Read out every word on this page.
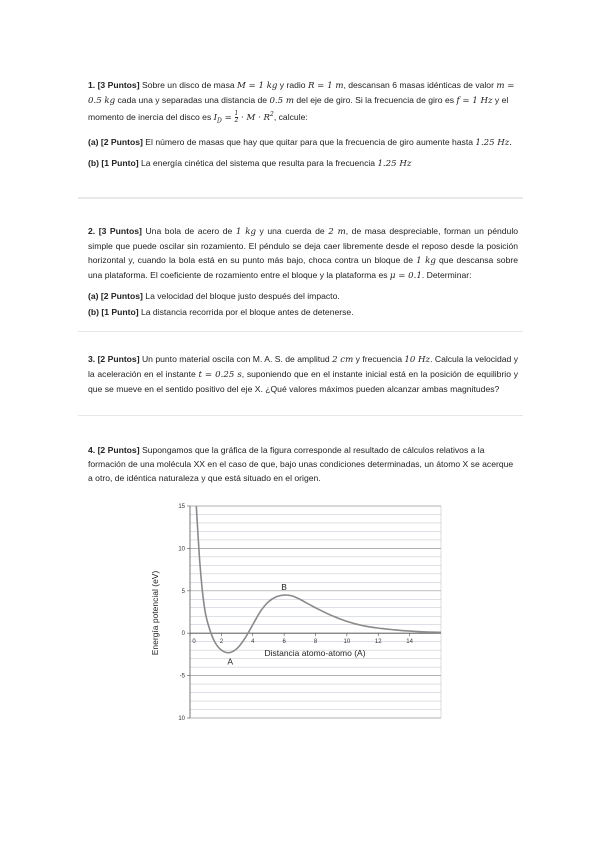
1. [3 Puntos] Sobre un disco de masa M = 1 kg y radio R = 1 m, descansan 6 masas idénticas de valor m = 0.5 kg cada una y separadas una distancia de 0.5 m del eje de giro. Si la frecuencia de giro es f = 1 Hz y el momento de inercia del disco es $I_D = \frac{1}{2} \cdot M \cdot R^2$, calcule:

(a) [2 Puntos] El número de masas que hay que quitar para que la frecuencia de giro aumente hasta 1.25 Hz.

(b) [1 Punto] La energía cinética del sistema que resulta para la frecuencia 1.25 Hz

2. [3 Puntos] Una bola de acero de 1 kg y una cuerda de 2 m, de masa despreciable, forman un péndulo simple que puede oscilar sin rozamiento. El péndulo se deja caer libremente desde el reposo desde la posición horizontal y, cuando la bola está en su punto más bajo, choca contra un bloque de 1 kg que descansa sobre una plataforma. El coeficiente de rozamiento entre el bloque y la plataforma es μ = 0.1. Determinar:

(a) [2 Puntos] La velocidad del bloque justo después del impacto.

(b) [1 Punto] La distancia recorrida por el bloque antes de detenerse.

3. [2 Puntos] Un punto material oscila con M. A. S. de amplitud 2 cm y frecuencia 10 Hz. Calcula la velocidad y la aceleración en el instante t = 0.25 s, suponiendo que en el instante inicial está en la posición de equilibrio y que se mueve en el sentido positivo del eje X. ¿Qué valores máximos pueden alcanzar ambas magnitudes?

4. [2 Puntos] Supongamos que la gráfica de la figura corresponde al resultado de cálculos relativos a la formación de una molécula XX en el caso de que, bajo unas condiciones determinadas, un átomo X se acerque a otro, de idéntica naturaleza y que está situado en el origen.

15
10
5
0
-5
10
0	2	4	6	8	10	12	14
A
B
Distancia atomo-atomo (A)
Energía potencial (eV)
